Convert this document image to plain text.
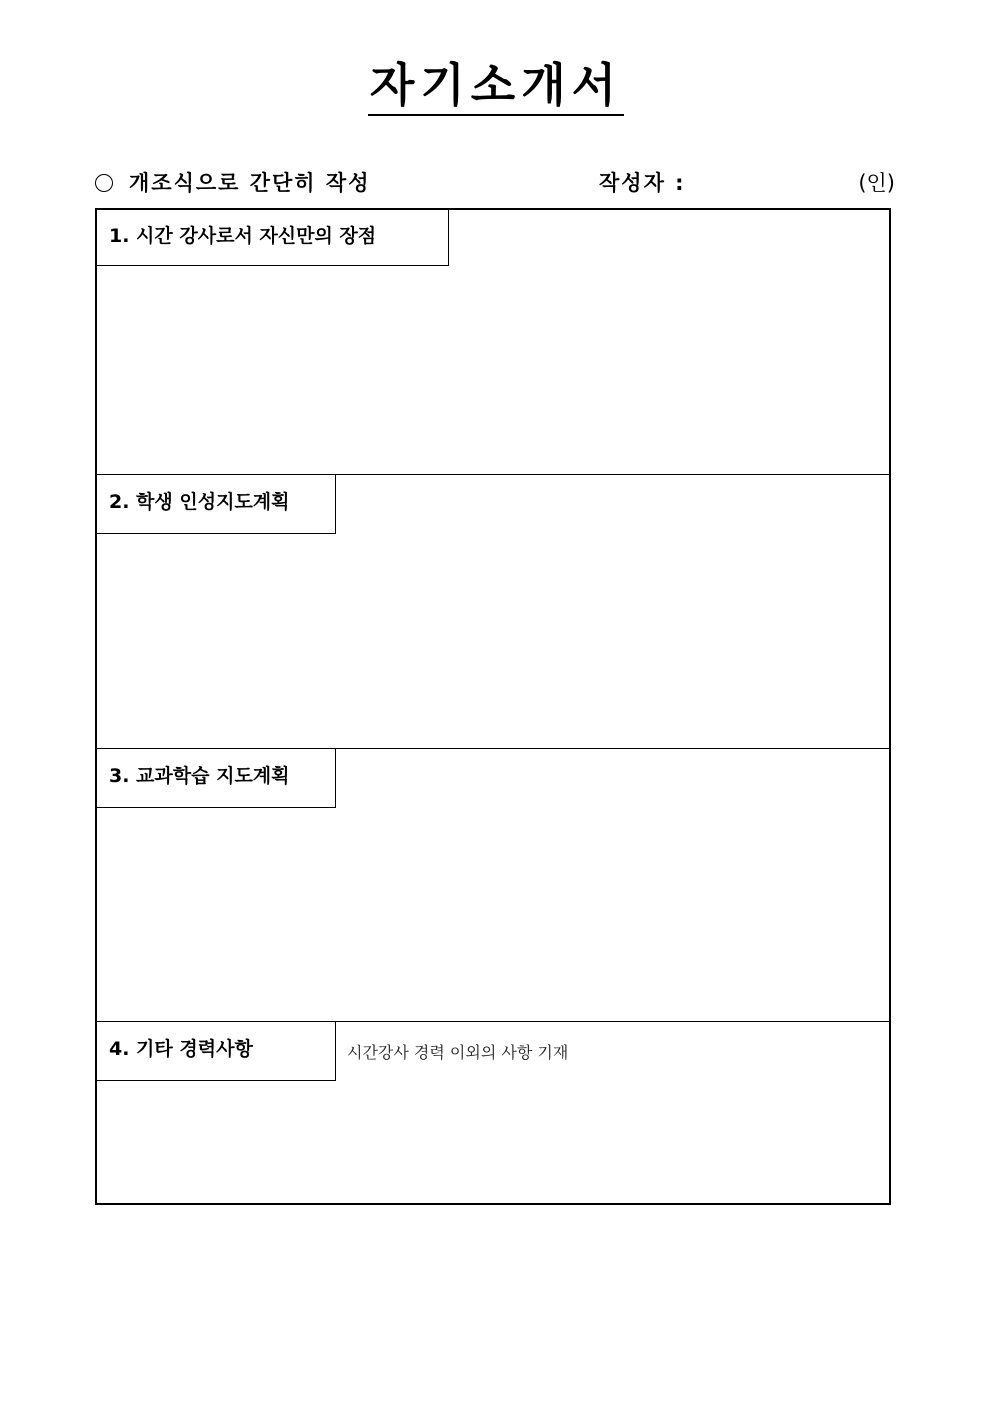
자기소개서
개조식으로 간단히 작성	작성자 :	(인)
1. 시간 강사로서 자신만의 장점
2. 학생 인성지도계획
3. 교과학습 지도계획
4. 기타 경력사항	시간강사 경력 이외의 사항 기재
